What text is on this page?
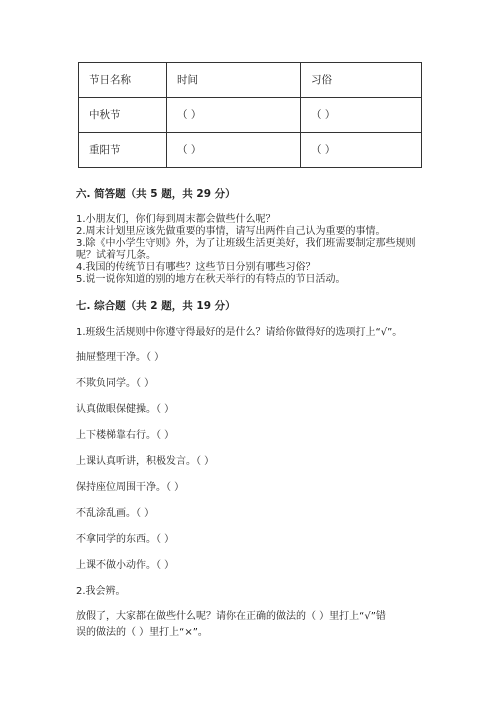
节日名称	时间	习俗
中秋节	（ ）	（ ）
重阳节	（ ）	（ ）
六. 简答题（共 5 题，共 29 分）
1.小朋友们，你们每到周末都会做些什么呢？
2.周末计划里应该先做重要的事情，请写出两件自己认为重要的事情。
3.除《中小学生守则》外，为了让班级生活更美好，我们班需要制定那些规则
呢？试着写几条。
4.我国的传统节日有哪些？这些节日分别有哪些习俗？
5.说一说你知道的别的地方在秋天举行的有特点的节日活动。
七. 综合题（共 2 题，共 19 分）
1.班级生活规则中你遵守得最好的是什么？请给你做得好的选项打上“√”。
抽屉整理干净。（ ）
不欺负同学。（ ）
认真做眼保健操。（ ）
上下楼梯靠右行。（ ）
上课认真听讲，积极发言。（ ）
保持座位周围干净。（ ）
不乱涂乱画。（ ）
不拿同学的东西。（ ）
上课不做小动作。（ ）
2.我会辨。
放假了，大家都在做些什么呢？请你在正确的做法的（ ）里打上“√”错
误的做法的（ ）里打上“×”。
